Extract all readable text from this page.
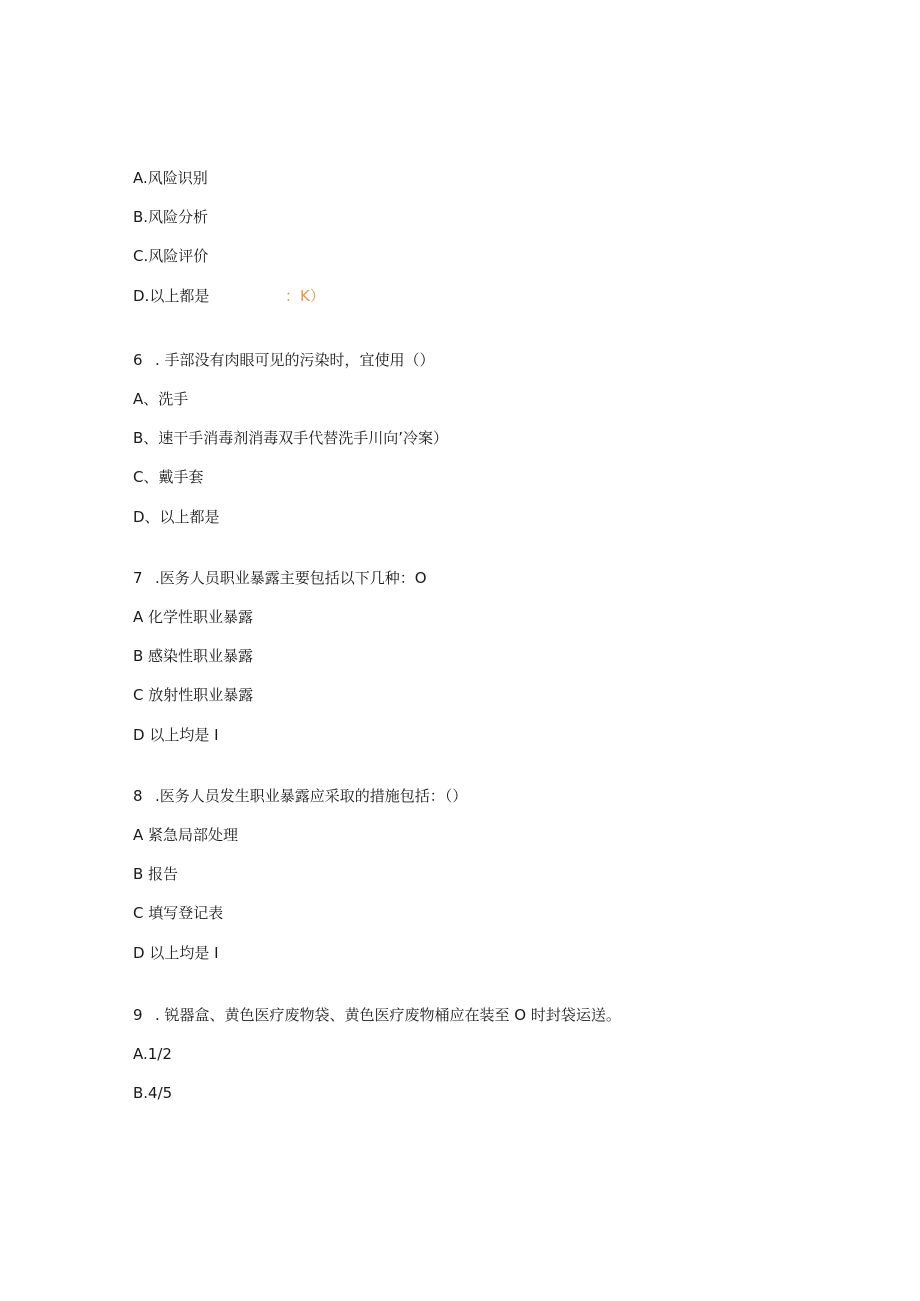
A.风险识别
B.风险分析
C.风险评价
D.以上都是	：K）
6 . 手部没有肉眼可见的污染时，宜使用（）
A、洗手
B、速干手消毒剂消毒双手代替洗手川向’冷案）
C、戴手套
D、以上都是
7 .医务人员职业暴露主要包括以下几种：O
A 化学性职业暴露
B 感染性职业暴露
C 放射性职业暴露
D 以上均是 I
8 .医务人员发生职业暴露应采取的措施包括：（）
A 紧急局部处理
B 报告
C 填写登记表
D 以上均是 I
9 . 锐器盒、黄色医疗废物袋、黄色医疗废物桶应在装至 O 时封袋运送。
A.1/2
B.4/5
